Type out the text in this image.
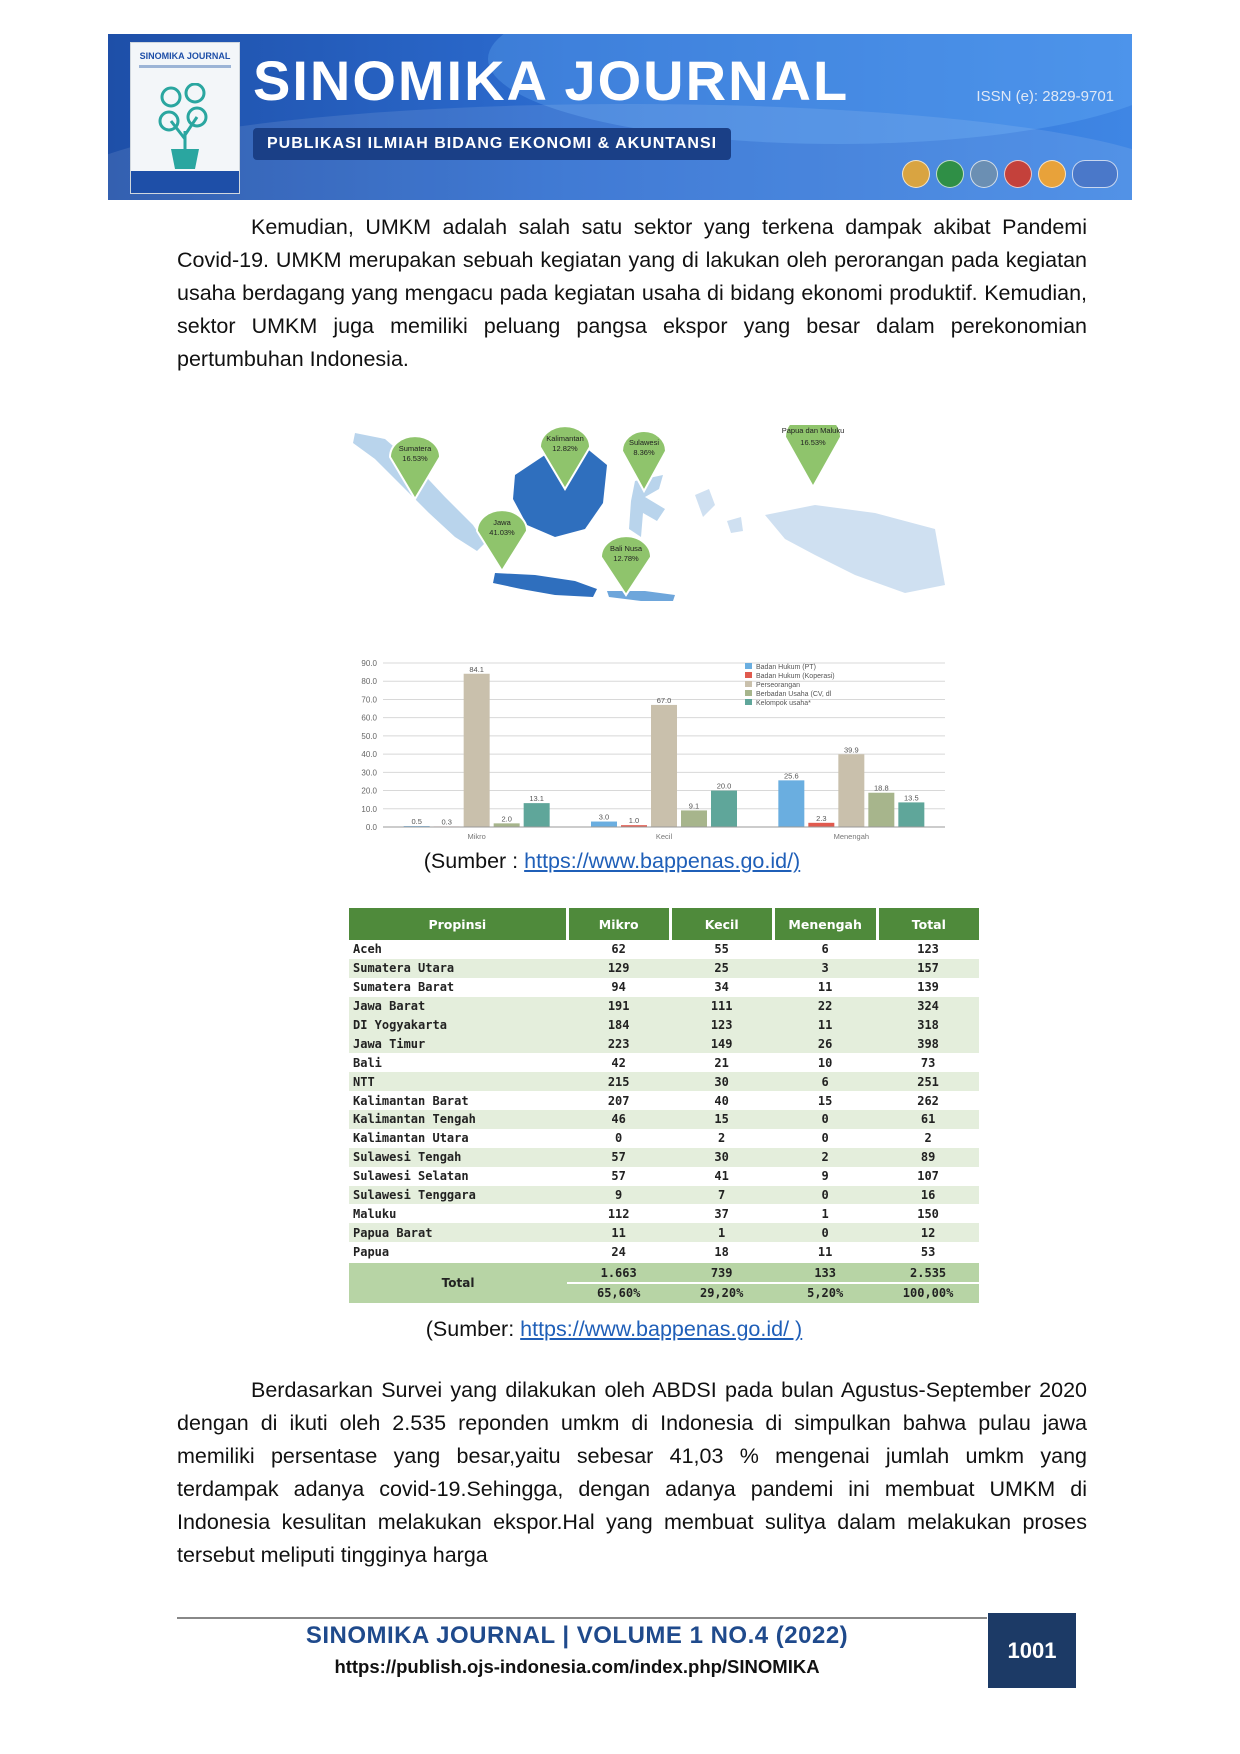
SINOMIKA JOURNAL SINOMIKA JOURNAL
PUBLIKASI ILMIAH BIDANG EKONOMI & AKUNTANSI
ISSN (e): 2829-9701

Kemudian, UMKM adalah salah satu sektor yang terkena dampak akibat Pandemi Covid-19. UMKM merupakan sebuah kegiatan yang di lakukan oleh perorangan pada kegiatan usaha berdagang yang mengacu pada kegiatan usaha di bidang ekonomi produktif. Kemudian, sektor UMKM juga memiliki peluang pangsa ekspor yang besar dalam perekonomian pertumbuhan Indonesia.

Sumatera
16.53%
Kalimantan
12.82%
Sulawesi
8.36%
Papua dan Maluku
16.53%
Jawa
41.03%
Bali Nusa
12.78%
0.0
10.0
20.0
30.0
40.0
50.0
60.0
70.0
80.0
90.0
0.5	0.3
84.1
2.0
13.1
Mikro
3.0	1.0
67.0
9.1
20.0
Kecil
25.6
2.3
39.9
18.8
13.5
Menengah
Badan Hukum (PT)
Badan Hukum (Koperasi)
Perseorangan
Berbadan Usaha (CV, dl
Kelompok usaha*
(Sumber : https://www.bappenas.go.id/)
Propinsi	Mikro	Kecil	Menengah	Total
Aceh	62	55	6	123
Sumatera Utara	129	25	3	157
Sumatera Barat	94	34	11	139
Jawa Barat	191	111	22	324
DI Yogyakarta	184	123	11	318
Jawa Timur	223	149	26	398
Bali	42	21	10	73
NTT	215	30	6	251
Kalimantan Barat	207	40	15	262
Kalimantan Tengah	46	15	0	61
Kalimantan Utara	0	2	0	2
Sulawesi Tengah	57	30	2	89
Sulawesi Selatan	57	41	9	107
Sulawesi Tenggara	9	7	0	16
Maluku	112	37	1	150
Papua Barat	11	1	0	12
Papua	24	18	11	53
Total	1.663	739	133	2.535
	65,60%	29,20%	5,20%	100,00%
(Sumber: https://www.bappenas.go.id/ )

Berdasarkan Survei yang dilakukan oleh ABDSI pada bulan Agustus-September 2020 dengan di ikuti oleh 2.535 reponden umkm di Indonesia di simpulkan bahwa pulau jawa memiliki persentase yang besar,yaitu sebesar 41,03 % mengenai jumlah umkm yang terdampak adanya covid-19.Sehingga, dengan adanya pandemi ini membuat UMKM di Indonesia kesulitan melakukan ekspor.Hal yang membuat sulitya dalam melakukan proses tersebut meliputi tingginya harga

SINOMIKA JOURNAL | VOLUME 1 NO.4 (2022)
https://publish.ojs-indonesia.com/index.php/SINOMIKA
1001
